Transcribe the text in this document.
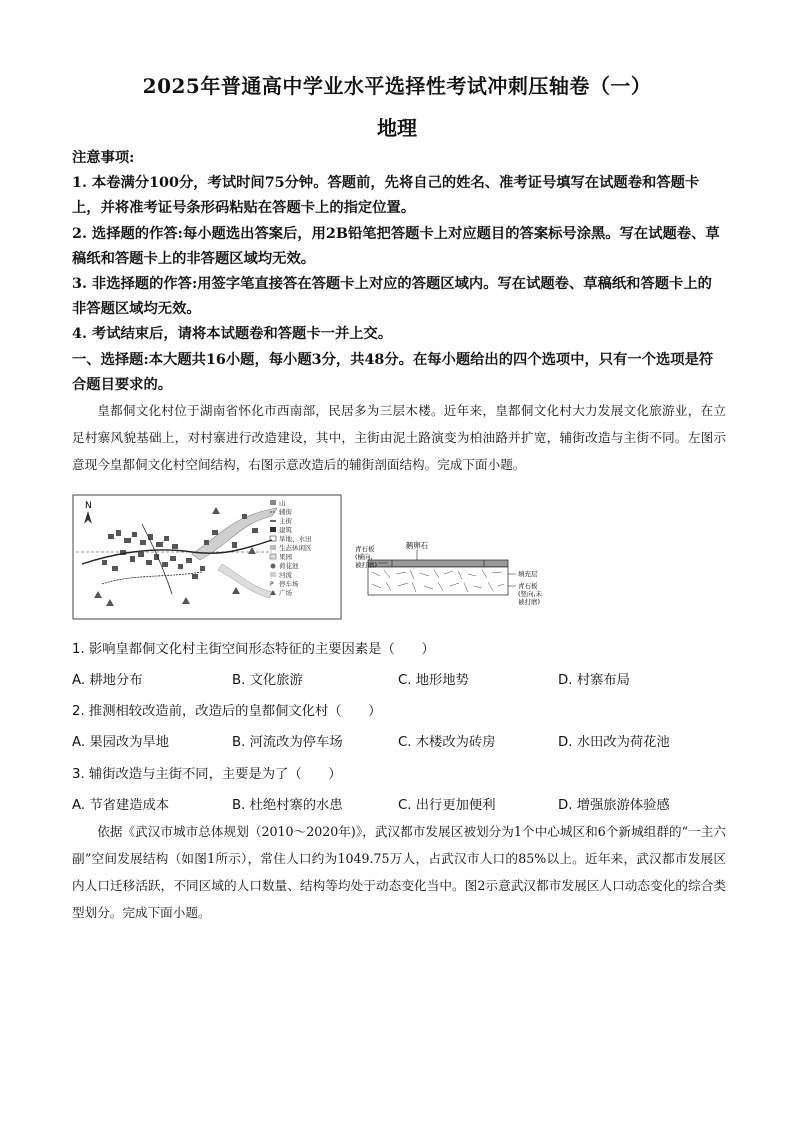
2025年普通高中学业水平选择性考试冲刺压轴卷（一）
地理

注意事项:

1. 本卷满分100分，考试时间75分钟。答题前，先将自己的姓名、准考证号填写在试题卷和答题卡上，并将准考证号条形码粘贴在答题卡上的指定位置。

2. 选择题的作答:每小题选出答案后，用2B铅笔把答题卡上对应题目的答案标号涂黑。写在试题卷、草稿纸和答题卡上的非答题区域均无效。

3. 非选择题的作答:用签字笔直接答在答题卡上对应的答题区域内。写在试题卷、草稿纸和答题卡上的非答题区域均无效。

4. 考试结束后，请将本试题卷和答题卡一并上交。

一、选择题:本大题共16小题，每小题3分，共48分。在每小题给出的四个选项中，只有一个选项是符合题目要求的。

皇都侗文化村位于湖南省怀化市西南部，民居多为三层木楼。近年来，皇都侗文化村大力发展文化旅游业，在立足村寨风貌基础上，对村寨进行改造建设，其中，主街由泥土路演变为柏油路并扩宽，辅街改造与主街不同。左图示意现今皇都侗文化村空间结构，右图示意改造后的辅街剖面结构。完成下面小题。

N	山
辅街
主街
建筑
旱地、水田
生态休闲区
果园
荷花池
河流
P 停车场
广场
鹅卵石
青石板
(横向,
被打磨)
填充层
青石板
(竖向,未
被打磨)
1. 影响皇都侗文化村主街空间形态特征的主要因素是（　　）
A. 耕地分布	B. 文化旅游	C. 地形地势	D. 村寨布局
2. 推测相较改造前，改造后的皇都侗文化村（　　）
A. 果园改为旱地	B. 河流改为停车场	C. 木楼改为砖房	D. 水田改为荷花池
3. 辅街改造与主街不同，主要是为了（　　）
A. 节省建造成本	B. 杜绝村寨的水患	C. 出行更加便利	D. 增强旅游体验感

依据《武汉市城市总体规划（2010～2020年)》，武汉都市发展区被划分为1个中心城区和6个新城组群的“一主六副”空间发展结构（如图1所示），常住人口约为1049.75万人，占武汉市人口的85%以上。近年来，武汉都市发展区内人口迁移活跃，不同区域的人口数量、结构等均处于动态变化当中。图2示意武汉都市发展区人口动态变化的综合类型划分。完成下面小题。
